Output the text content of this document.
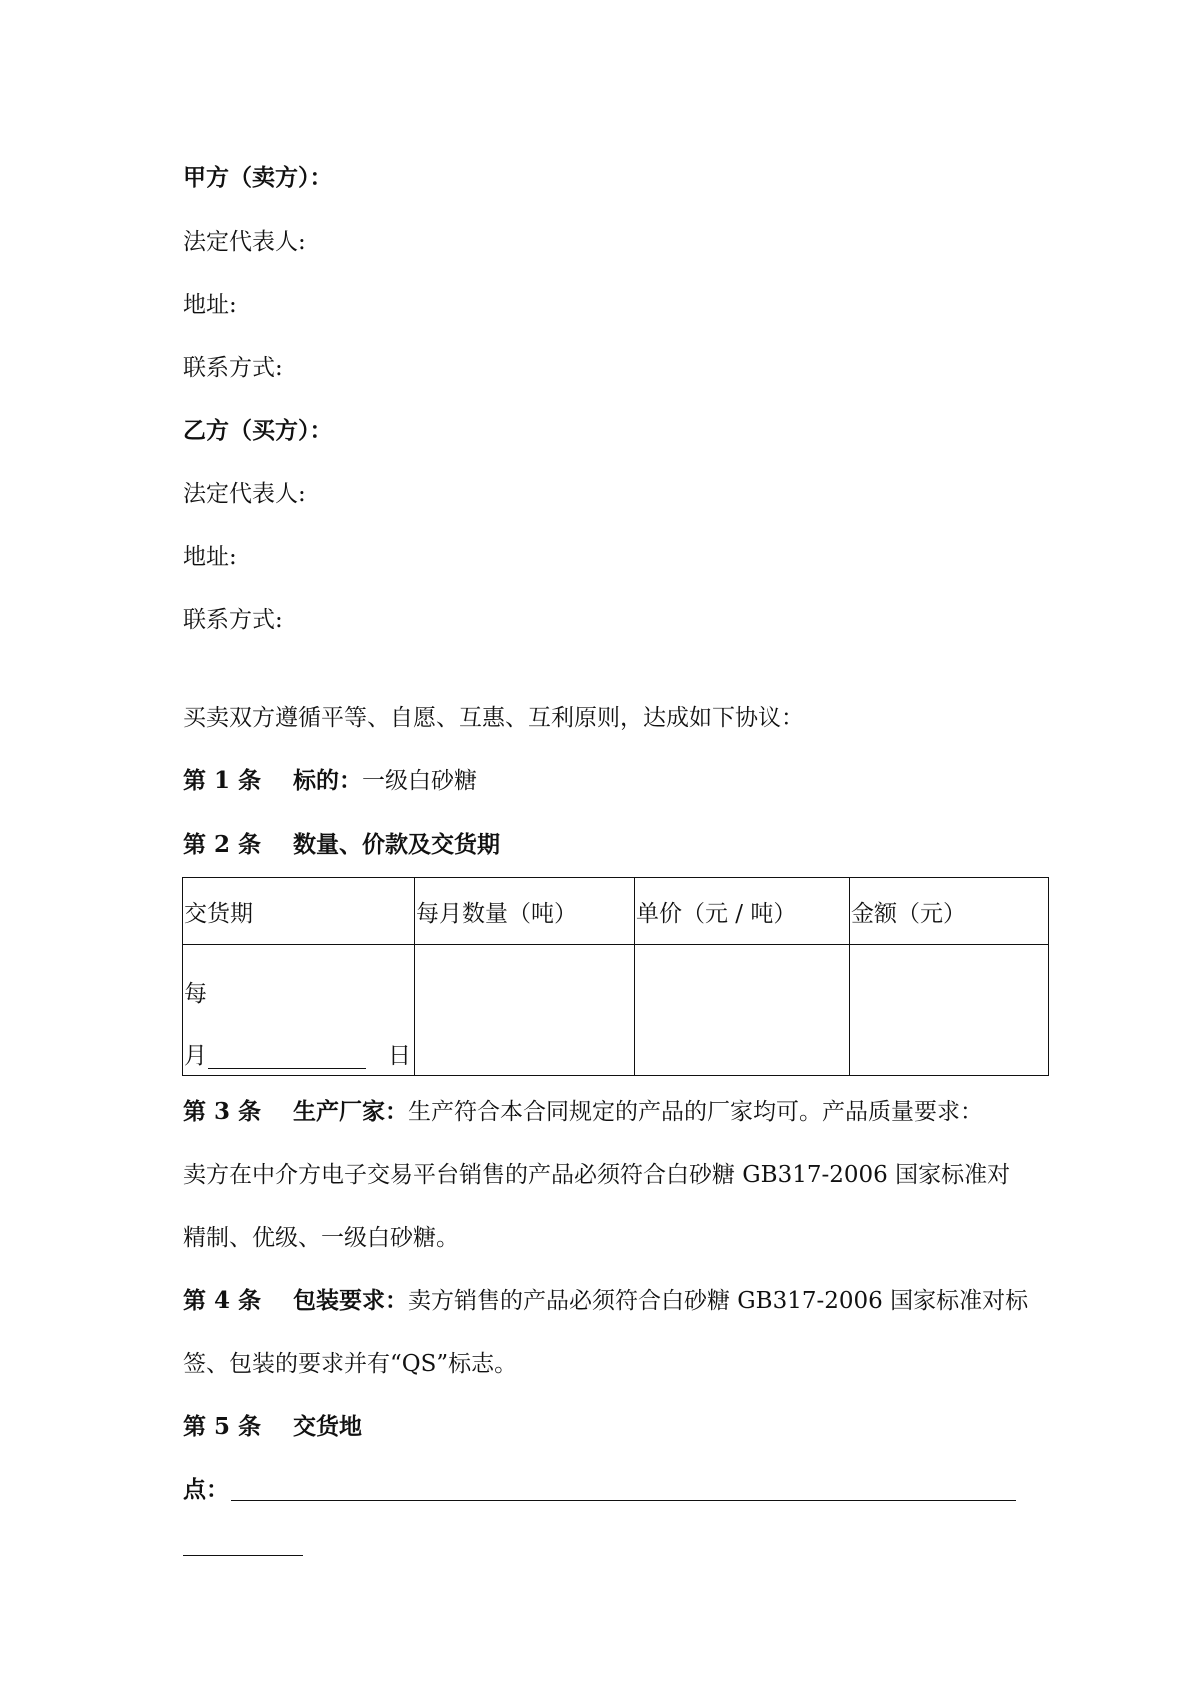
甲方（卖方）：
法定代表人:
地址:
联系方式:
乙方（买方）：
法定代表人:
地址:
联系方式:
买卖双方遵循平等、自愿、互惠、互利原则，达成如下协议：
第 1 条 标的：一级白砂糖
第 2 条 数量、价款及交货期
交货期	每月数量（吨）	单价（元 / 吨）	金额（元）

每
月 日			

第 3 条 生产厂家：生产符合本合同规定的产品的厂家均可。产品质量要求：
卖方在中介方电子交易平台销售的产品必须符合白砂糖 GB317-2006 国家标准对
精制、优级、一级白砂糖。
第 4 条 包装要求：卖方销售的产品必须符合白砂糖 GB317-2006 国家标准对标
签、包装的要求并有“QS”标志。
第 5 条 交货地
点：
